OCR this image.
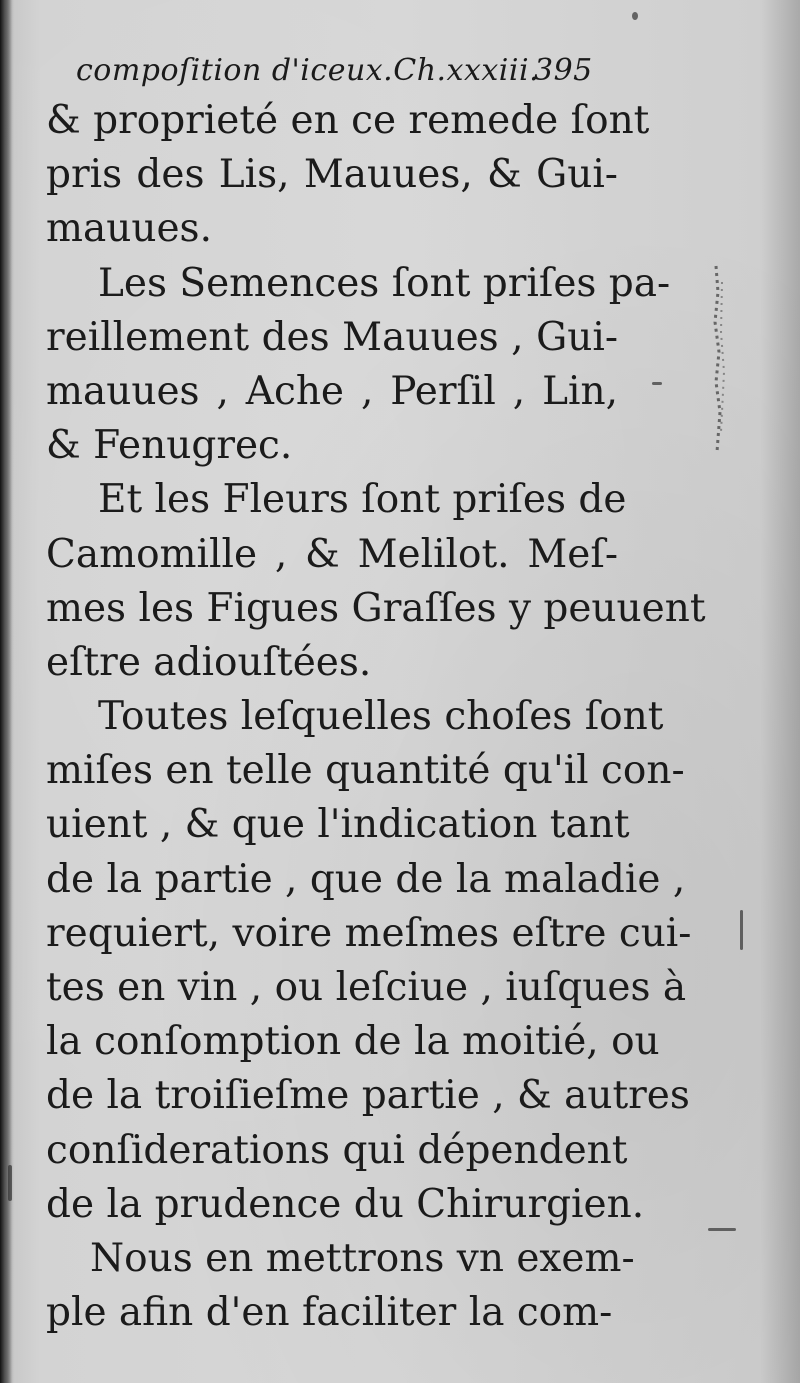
compoſition d'iceux.Ch.xxxiii.
395
& proprieté en ce remede ſont
pris des Lis, Mauues, & Gui-
mauues.
Les Semences ſont priſes pa-
reillement des Mauues , Gui-
mauues , Ache , Perſil , Lin,
& Fenugrec.
Et les Fleurs ſont priſes de
Camomille , & Melilot. Meſ-
mes les Figues Graſſes y peuuent
eſtre adiouſtées.
Toutes leſquelles choſes ſont
miſes en telle quantité qu'il con-
uient , & que l'indication tant
de la partie , que de la maladie ,
requiert, voire meſmes eſtre cui-
tes en vin , ou leſciue , iuſques à
la conſomption de la moitié, ou
de la troiſieſme partie , & autres
conſiderations qui dépendent
de la prudence du Chirurgien.
Nous en mettrons vn exem-
ple afin d'en faciliter la com-
